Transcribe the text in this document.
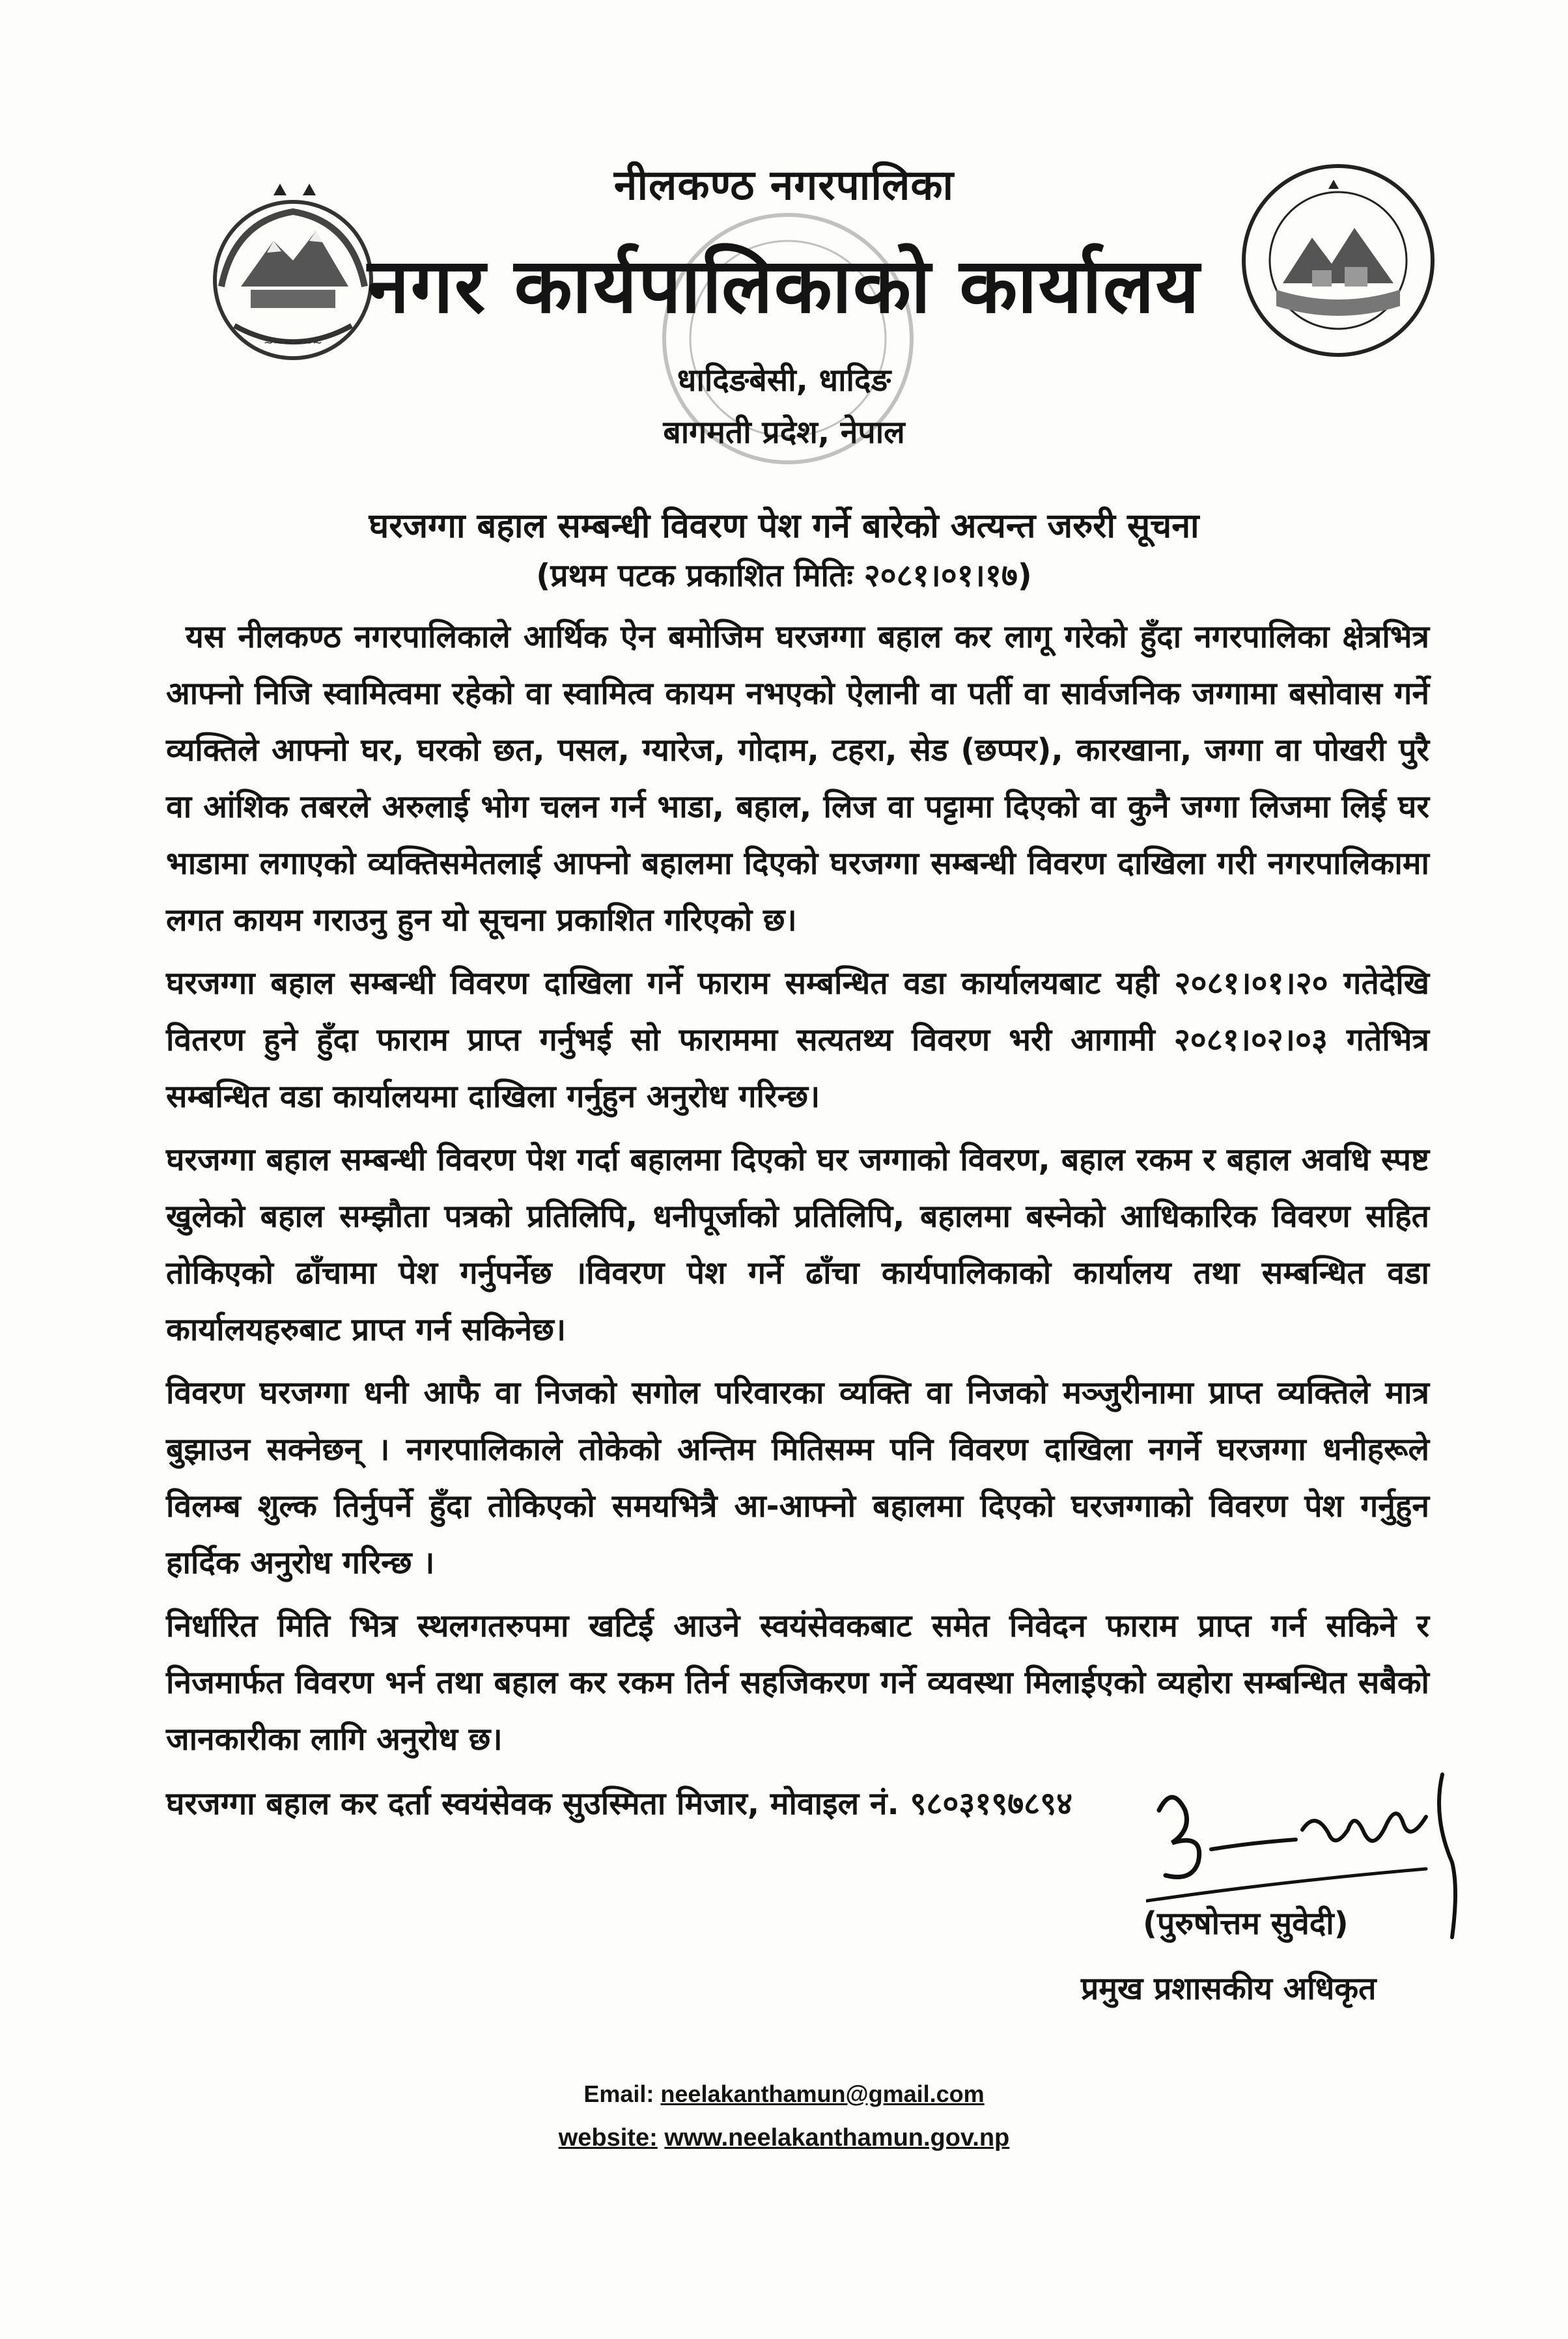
~~~~~~
नीलकण्ठ नगरपालिका
नगर कार्यपालिकाको कार्यालय
धादिङबेसी, धादिङ
बागमती प्रदेश, नेपाल
घरजग्गा बहाल सम्बन्धी विवरण पेश गर्ने बारेको अत्यन्त जरुरी सूचना
(प्रथम पटक प्रकाशित मितिः २०८१।०१।१७)

यस नीलकण्ठ नगरपालिकाले आर्थिक ऐन बमोजिम घरजग्गा बहाल कर लागू गरेको हुँदा नगरपालिका क्षेत्रभित्र आफ्नो निजि स्वामित्वमा रहेको वा स्वामित्व कायम नभएको ऐलानी वा पर्ती वा सार्वजनिक जग्गामा बसोवास गर्ने व्यक्तिले आफ्नो घर, घरको छत, पसल, ग्यारेज, गोदाम, टहरा, सेड (छप्पर), कारखाना, जग्गा वा पोखरी पुरै वा आंशिक तबरले अरुलाई भोग चलन गर्न भाडा, बहाल, लिज वा पट्टामा दिएको वा कुनै जग्गा लिजमा लिई घर भाडामा लगाएको व्यक्तिसमेतलाई आफ्नो बहालमा दिएको घरजग्गा सम्बन्धी विवरण दाखिला गरी नगरपालिकामा लगत कायम गराउनु हुन यो सूचना प्रकाशित गरिएको छ।

घरजग्गा बहाल सम्बन्धी विवरण दाखिला गर्ने फाराम सम्बन्धित वडा कार्यालयबाट यही २०८१।०१।२० गतेदेखि वितरण हुने हुँदा फाराम प्राप्त गर्नुभई सो फाराममा सत्यतथ्य विवरण भरी आगामी २०८१।०२।०३ गतेभित्र सम्बन्धित वडा कार्यालयमा दाखिला गर्नुहुन अनुरोध गरिन्छ।

घरजग्गा बहाल सम्बन्धी विवरण पेश गर्दा बहालमा दिएको घर जग्गाको विवरण, बहाल रकम र बहाल अवधि स्पष्ट खुलेको बहाल सम्झौता पत्रको प्रतिलिपि, धनीपूर्जाको प्रतिलिपि, बहालमा बस्नेको आधिकारिक विवरण सहित तोकिएको ढाँचामा पेश गर्नुपर्नेछ ।विवरण पेश गर्ने ढाँचा कार्यपालिकाको कार्यालय तथा सम्बन्धित वडा कार्यालयहरुबाट प्राप्त गर्न सकिनेछ।

विवरण घरजग्गा धनी आफै वा निजको सगोल परिवारका व्यक्ति वा निजको मञ्जुरीनामा प्राप्त व्यक्तिले मात्र बुझाउन सक्नेछन् । नगरपालिकाले तोकेको अन्तिम मितिसम्म पनि विवरण दाखिला नगर्ने घरजग्गा धनीहरूले विलम्ब शुल्क तिर्नुपर्ने हुँदा तोकिएको समयभित्रै आ-आफ्नो बहालमा दिएको घरजग्गाको विवरण पेश गर्नुहुन हार्दिक अनुरोध गरिन्छ ।

निर्धारित मिति भित्र स्थलगतरुपमा खटिई आउने स्वयंसेवकबाट समेत निवेदन फाराम प्राप्त गर्न सकिने र निजमार्फत विवरण भर्न तथा बहाल कर रकम तिर्न सहजिकरण गर्ने व्यवस्था मिलाईएको व्यहोरा सम्बन्धित सबैको जानकारीका लागि अनुरोध छ।

घरजग्गा बहाल कर दर्ता स्वयंसेवक सुउस्मिता मिजार, मोवाइल नं. ९८०३१९७८९४

(पुरुषोत्तम सुवेदी)
प्रमुख प्रशासकीय अधिकृत
Email: neelakanthamun@gmail.com
website: www.neelakanthamun.gov.np
